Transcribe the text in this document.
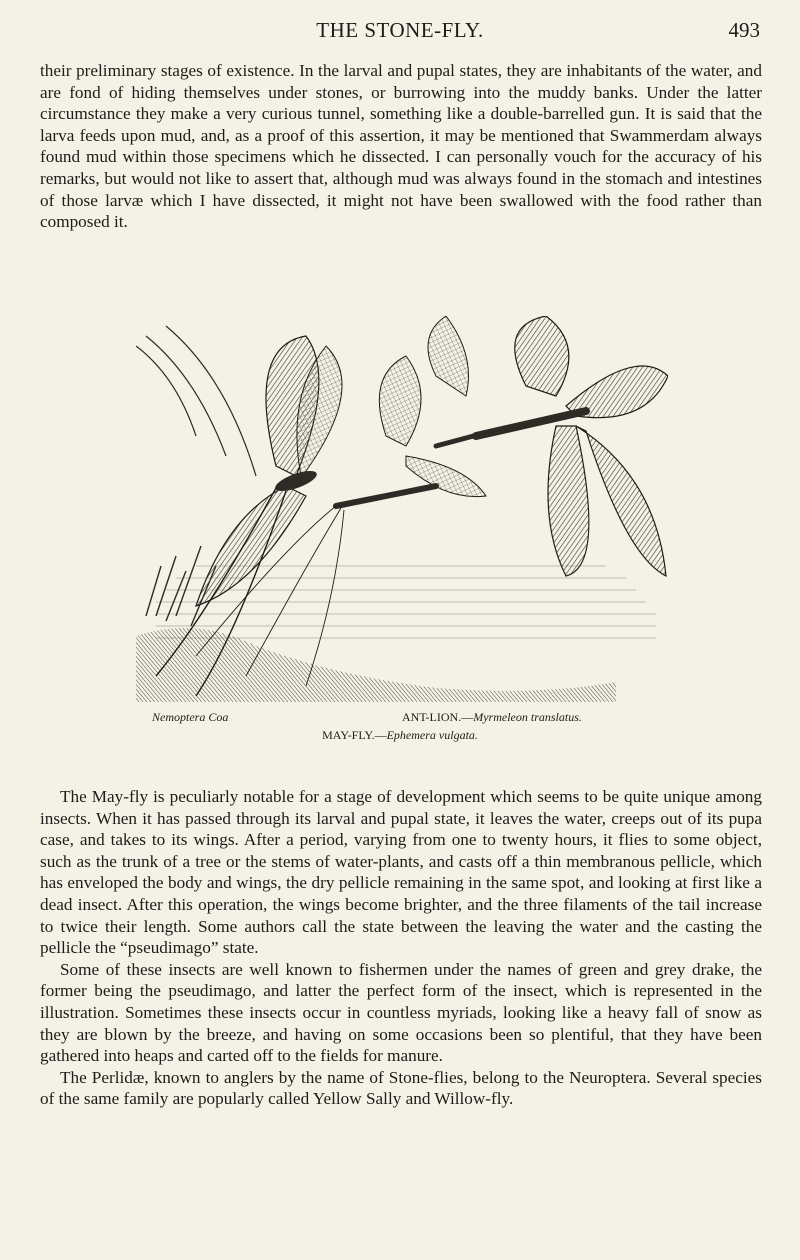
THE STONE-FLY.	493

their preliminary stages of existence. In the larval and pupal states, they are inhabitants of the water, and are fond of hiding themselves under stones, or burrowing into the muddy banks. Under the latter circumstance they make a very curious tunnel, something like a double-barrelled gun. It is said that the larva feeds upon mud, and, as a proof of this assertion, it may be mentioned that Swammerdam always found mud within those specimens which he dissected. I can personally vouch for the accuracy of his remarks, but would not like to assert that, although mud was always found in the stomach and intestines of those larvæ which I have dissected, it might not have been swallowed with the food rather than composed it.

Nemoptera Coa	ANT-LION.—Myrmeleon translatus.
MAY-FLY.—Ephemera vulgata.

The May-fly is peculiarly notable for a stage of development which seems to be quite unique among insects. When it has passed through its larval and pupal state, it leaves the water, creeps out of its pupa case, and takes to its wings. After a period, varying from one to twenty hours, it flies to some object, such as the trunk of a tree or the stems of water-plants, and casts off a thin membranous pellicle, which has enveloped the body and wings, the dry pellicle remaining in the same spot, and looking at first like a dead insect. After this operation, the wings become brighter, and the three filaments of the tail increase to twice their length. Some authors call the state between the leaving the water and the casting the pellicle the “pseudimago” state.

Some of these insects are well known to fishermen under the names of green and grey drake, the former being the pseudimago, and latter the perfect form of the insect, which is represented in the illustration. Sometimes these insects occur in countless myriads, looking like a heavy fall of snow as they are blown by the breeze, and having on some occasions been so plentiful, that they have been gathered into heaps and carted off to the fields for manure.

The Perlidæ, known to anglers by the name of Stone-flies, belong to the Neuroptera. Several species of the same family are popularly called Yellow Sally and Willow-fly.
